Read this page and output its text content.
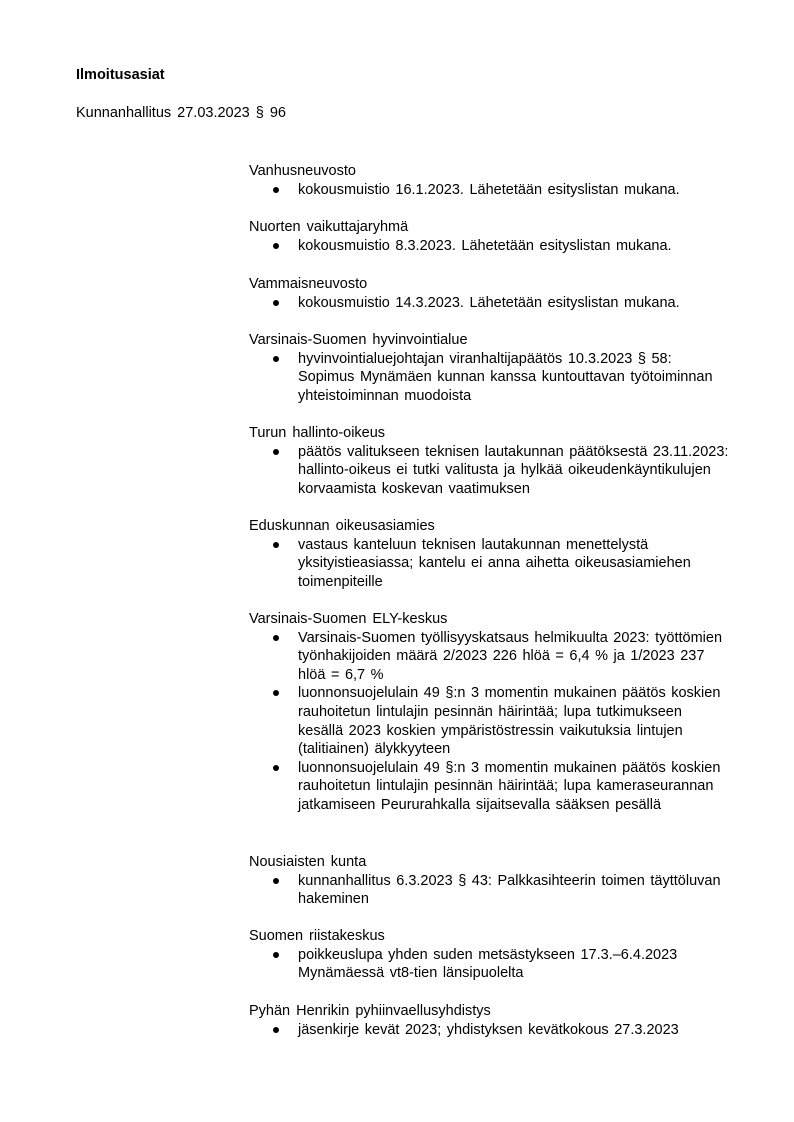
Ilmoitusasiat
Kunnanhallitus 27.03.2023 § 96
Vanhusneuvosto
kokousmuistio 16.1.2023. Lähetetään esityslistan mukana.
Nuorten vaikuttajaryhmä
kokousmuistio 8.3.2023. Lähetetään esityslistan mukana.
Vammaisneuvosto
kokousmuistio 14.3.2023. Lähetetään esityslistan mukana.
Varsinais-Suomen hyvinvointialue
hyvinvointialuejohtajan viranhaltijapäätös 10.3.2023 § 58: Sopimus Mynämäen kunnan kanssa kuntouttavan työtoiminnan yhteistoiminnan muodoista
Turun hallinto-oikeus
päätös valitukseen teknisen lautakunnan päätöksestä 23.11.2023: hallinto-oikeus ei tutki valitusta ja hylkää oikeudenkäyntikulujen korvaamista koskevan vaatimuksen
Eduskunnan oikeusasiamies
vastaus kanteluun teknisen lautakunnan menettelystä yksityistieasiassa; kantelu ei anna aihetta oikeusasiamiehen toimenpiteille
Varsinais-Suomen ELY-keskus
Varsinais-Suomen työllisyyskatsaus helmikuulta 2023: työttömien työnhakijoiden määrä 2/2023 226 hlöä = 6,4 % ja 1/2023 237 hlöä = 6,7 %
luonnonsuojelulain 49 §:n 3 momentin mukainen päätös koskien rauhoitetun lintulajin pesinnän häirintää; lupa tutkimukseen kesällä 2023 koskien ympäristöstressin vaikutuksia lintujen (talitiainen) älykkyyteen
luonnonsuojelulain 49 §:n 3 momentin mukainen päätös koskien rauhoitetun lintulajin pesinnän häirintää; lupa kameraseurannan jatkamiseen Peururahkalla sijaitsevalla sääksen pesällä
Nousiaisten kunta
kunnanhallitus 6.3.2023 § 43: Palkkasihteerin toimen täyttöluvan hakeminen
Suomen riistakeskus
poikkeuslupa yhden suden metsästykseen 17.3.–6.4.2023 Mynämäessä vt8-tien länsipuolelta
Pyhän Henrikin pyhiinvaellusyhdistys
jäsenkirje kevät 2023; yhdistyksen kevätkokous 27.3.2023
